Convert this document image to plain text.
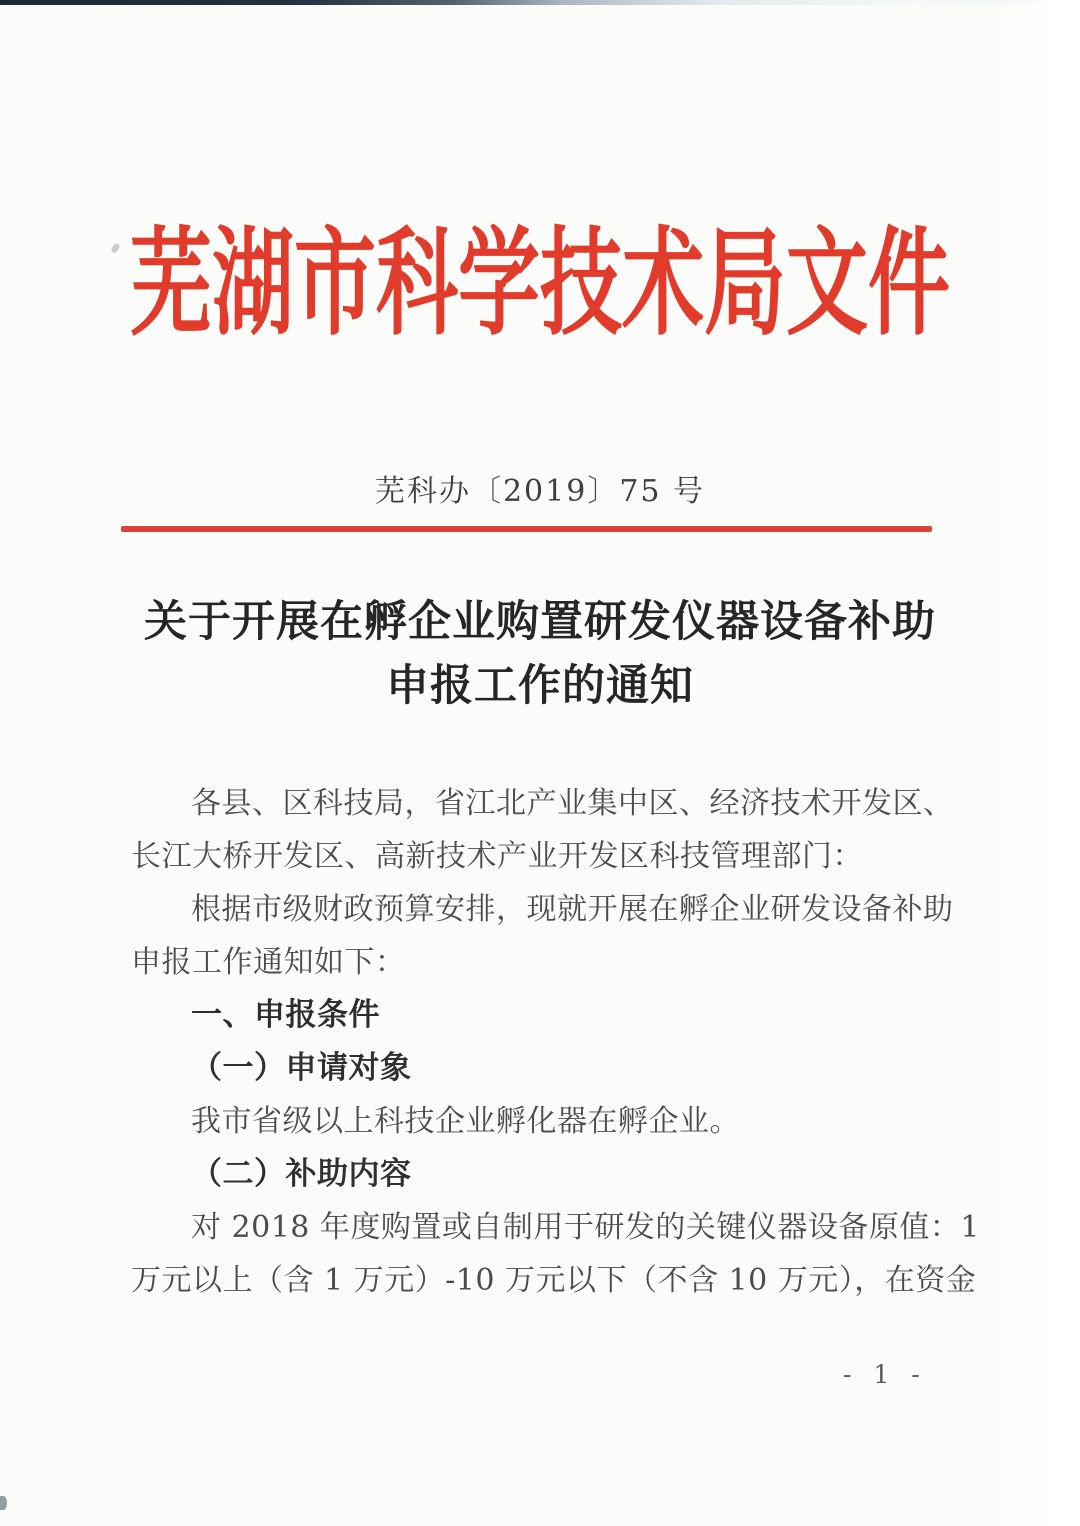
芜湖市科学技术局文件
芜科办〔2019〕75 号
关于开展在孵企业购置研发仪器设备补助
申报工作的通知
各县、区科技局，省江北产业集中区、经济技术开发区、
长江大桥开发区、高新技术产业开发区科技管理部门：
根据市级财政预算安排，现就开展在孵企业研发设备补助
申报工作通知如下：
一、申报条件
（一）申请对象
我市省级以上科技企业孵化器在孵企业。
（二）补助内容
对 2018 年度购置或自制用于研发的关键仪器设备原值：1
万元以上（含 1 万元）-10 万元以下（不含 10 万元），在资金
- 1 -
